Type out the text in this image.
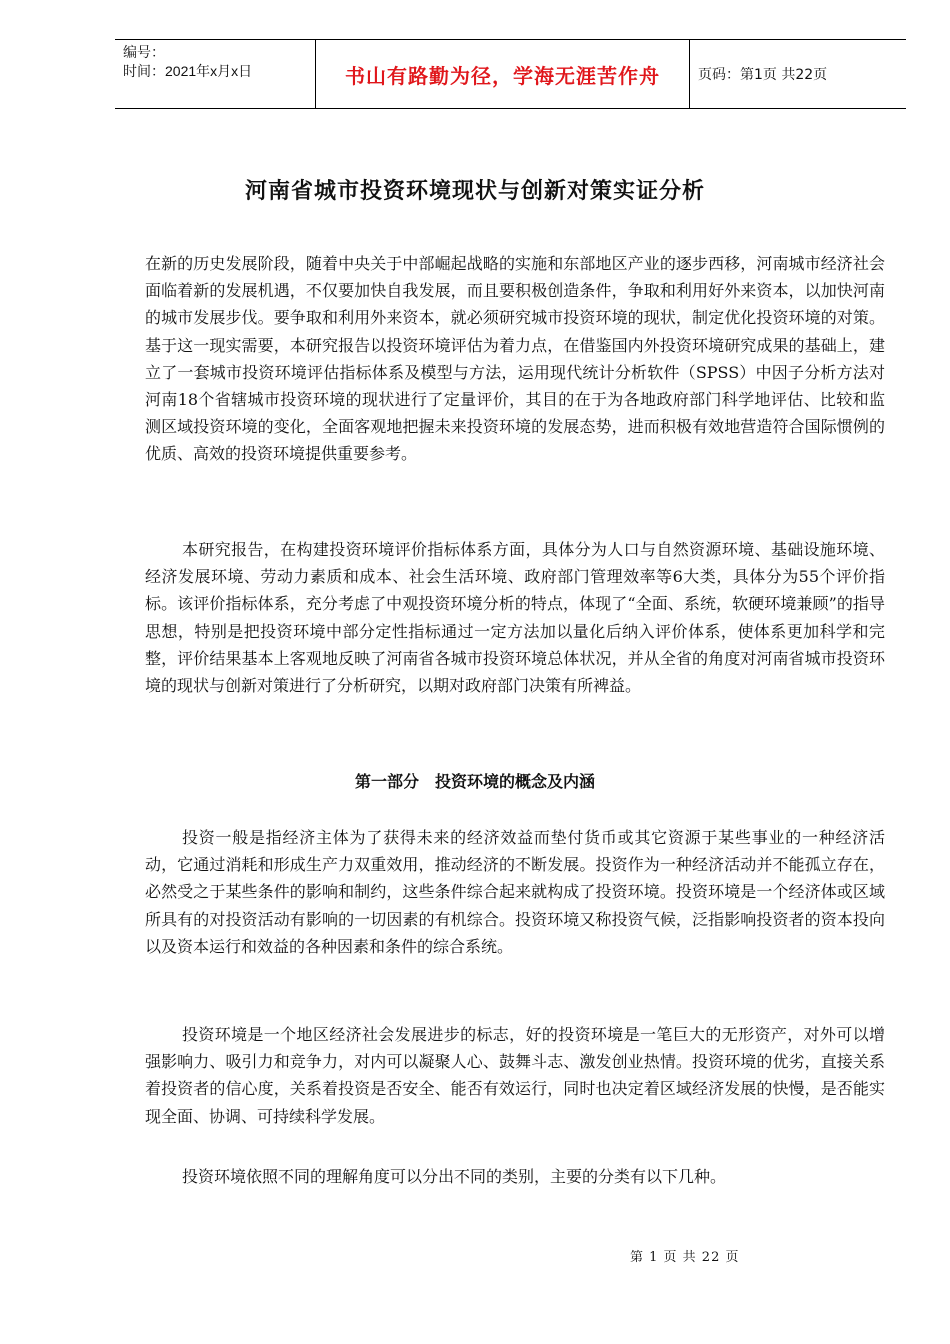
编号：
时间：2021年x月x日	书山有路勤为径，学海无涯苦作舟	页码：第1页 共22页
河南省城市投资环境现状与创新对策实证分析

在新的历史发展阶段，随着中央关于中部崛起战略的实施和东部地区产业的逐步西移，河南城市经济社会面临着新的发展机遇，不仅要加快自我发展，而且要积极创造条件，争取和利用好外来资本，以加快河南的城市发展步伐。要争取和利用外来资本，就必须研究城市投资环境的现状，制定优化投资环境的对策。基于这一现实需要，本研究报告以投资环境评估为着力点，在借鉴国内外投资环境研究成果的基础上，建立了一套城市投资环境评估指标体系及模型与方法，运用现代统计分析软件（SPSS）中因子分析方法对河南18个省辖城市投资环境的现状进行了定量评价，其目的在于为各地政府部门科学地评估、比较和监测区域投资环境的变化，全面客观地把握未来投资环境的发展态势，进而积极有效地营造符合国际惯例的优质、高效的投资环境提供重要参考。

本研究报告，在构建投资环境评价指标体系方面，具体分为人口与自然资源环境、基础设施环境、经济发展环境、劳动力素质和成本、社会生活环境、政府部门管理效率等6大类，具体分为55个评价指标。该评价指标体系，充分考虑了中观投资环境分析的特点，体现了“全面、系统，软硬环境兼顾”的指导思想，特别是把投资环境中部分定性指标通过一定方法加以量化后纳入评价体系，使体系更加科学和完整，评价结果基本上客观地反映了河南省各城市投资环境总体状况，并从全省的角度对河南省城市投资环境的现状与创新对策进行了分析研究，以期对政府部门决策有所裨益。

第一部分　投资环境的概念及内涵

投资一般是指经济主体为了获得未来的经济效益而垫付货币或其它资源于某些事业的一种经济活动，它通过消耗和形成生产力双重效用，推动经济的不断发展。投资作为一种经济活动并不能孤立存在，必然受之于某些条件的影响和制约，这些条件综合起来就构成了投资环境。投资环境是一个经济体或区域所具有的对投资活动有影响的一切因素的有机综合。投资环境又称投资气候，泛指影响投资者的资本投向以及资本运行和效益的各种因素和条件的综合系统。

投资环境是一个地区经济社会发展进步的标志，好的投资环境是一笔巨大的无形资产，对外可以增强影响力、吸引力和竞争力，对内可以凝聚人心、鼓舞斗志、激发创业热情。投资环境的优劣，直接关系着投资者的信心度，关系着投资是否安全、能否有效运行，同时也决定着区域经济发展的快慢，是否能实现全面、协调、可持续科学发展。

投资环境依照不同的理解角度可以分出不同的类别，主要的分类有以下几种。

第 1 页 共 22 页
